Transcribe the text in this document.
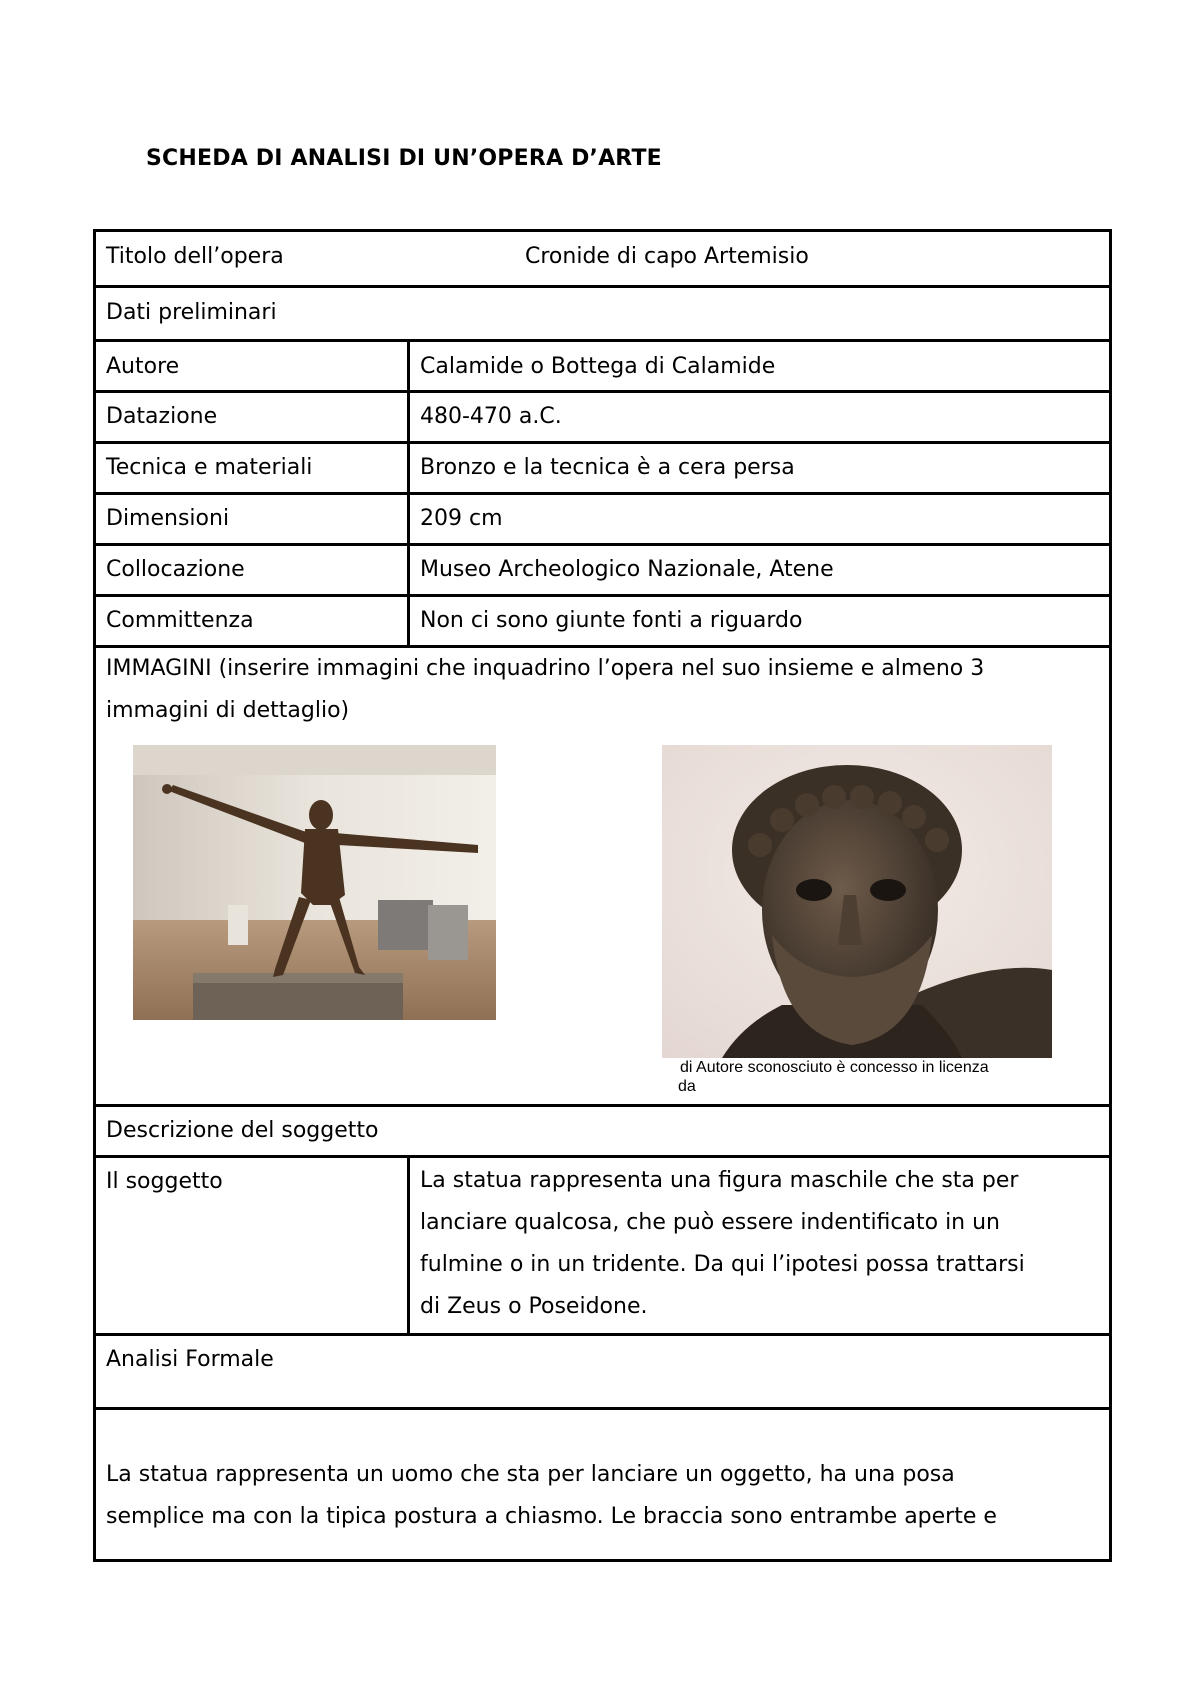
SCHEDA DI ANALISI DI UN’OPERA D’ARTE
Titolo dell’opera	Cronide di capo Artemisio
Dati preliminari
Autore	Calamide o Bottega di Calamide
Datazione	480-470 a.C.
Tecnica e materiali	Bronzo e la tecnica è a cera persa
Dimensioni	209 cm
Collocazione	Museo Archeologico Nazionale, Atene
Committenza	Non ci sono giunte fonti a riguardo
IMMAGINI (inserire immagini che inquadrino l’opera nel suo insieme e almeno 3
immagini di dettaglio)
di Autore sconosciuto è concesso in licenza
da
Descrizione del soggetto
Il soggetto	La statua rappresenta una figura maschile che sta per
lanciare qualcosa, che può essere indentificato in un
fulmine o in un tridente. Da qui l’ipotesi possa trattarsi
di Zeus o Poseidone.
Analisi Formale
La statua rappresenta un uomo che sta per lanciare un oggetto, ha una posa
semplice ma con la tipica postura a chiasmo. Le braccia sono entrambe aperte e
